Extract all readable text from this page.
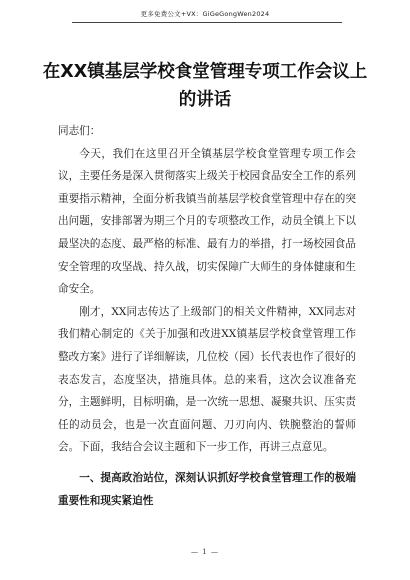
更多免费公文+VX：GiGeGongWen2024
在XX镇基层学校食堂管理专项工作会议上的讲话

同志们：

今天，我们在这里召开全镇基层学校食堂管理专项工作会议，主要任务是深入贯彻落实上级关于校园食品安全工作的系列重要指示精神，全面分析我镇当前基层学校食堂管理中存在的突出问题，安排部署为期三个月的专项整改工作，动员全镇上下以最坚决的态度、最严格的标准、最有力的举措，打一场校园食品安全管理的攻坚战、持久战，切实保障广大师生的身体健康和生命安全。

刚才，XX同志传达了上级部门的相关文件精神，XX同志对我们精心制定的《关于加强和改进XX镇基层学校食堂管理工作整改方案》进行了详细解读，几位校（园）长代表也作了很好的表态发言，态度坚决，措施具体。总的来看，这次会议准备充分，主题鲜明，目标明确，是一次统一思想、凝聚共识、压实责任的动员会，也是一次直面问题、刀刃向内、铁腕整治的誓师会。下面，我结合会议主题和下一步工作，再讲三点意见。

一、提高政治站位，深刻认识抓好学校食堂管理工作的极端重要性和现实紧迫性

— 1 —
